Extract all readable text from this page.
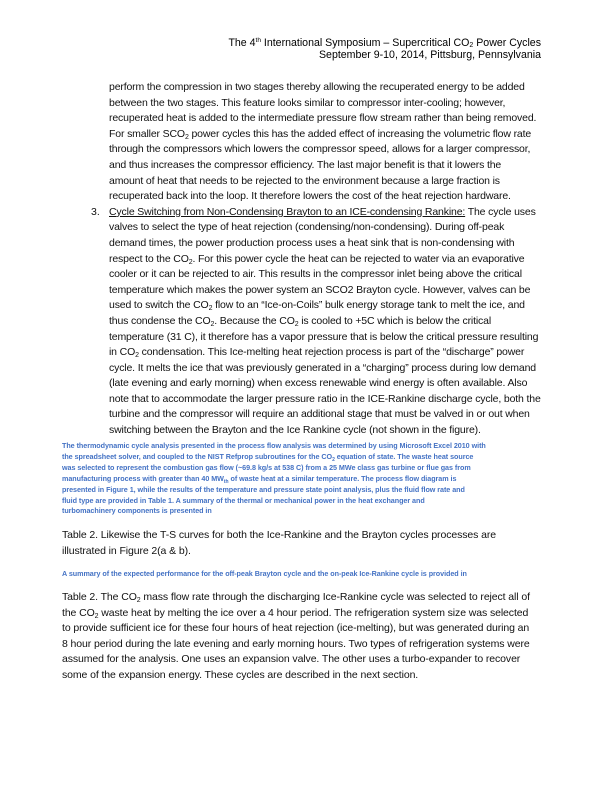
The 4th International Symposium – Supercritical $CO_2$ Power Cycles
September 9-10, 2014, Pittsburg, Pennsylvania

perform the compression in two stages thereby allowing the recuperated energy to be added

between the two stages. This feature looks similar to compressor inter-cooling; however,

recuperated heat is added to the intermediate pressure flow stream rather than being removed.

For smaller $SCO_2$ power cycles this has the added effect of increasing the volumetric flow rate

through the compressors which lowers the compressor speed, allows for a larger compressor,

and thus increases the compressor efficiency. The last major benefit is that it lowers the

amount of heat that needs to be rejected to the environment because a large fraction is

recuperated back into the loop. It therefore lowers the cost of the heat rejection hardware.

3. Cycle Switching from Non-Condensing Brayton to an ICE-condensing Rankine: The cycle uses

valves to select the type of heat rejection (condensing/non-condensing). During off-peak

demand times, the power production process uses a heat sink that is non-condensing with

respect to the $CO_2$. For this power cycle the heat can be rejected to water via an evaporative

cooler or it can be rejected to air. This results in the compressor inlet being above the critical

temperature which makes the power system an SCO2 Brayton cycle. However, valves can be

used to switch the $CO_2$ flow to an “Ice-on-Coils” bulk energy storage tank to melt the ice, and

thus condense the $CO_2$. Because the $CO_2$ is cooled to +5C which is below the critical

temperature (31 C), it therefore has a vapor pressure that is below the critical pressure resulting

in $CO_2$ condensation. This Ice-melting heat rejection process is part of the “discharge” power

cycle. It melts the ice that was previously generated in a “charging” process during low demand

(late evening and early morning) when excess renewable wind energy is often available. Also

note that to accommodate the larger pressure ratio in the ICE-Rankine discharge cycle, both the

turbine and the compressor will require an additional stage that must be valved in or out when

switching between the Brayton and the Ice Rankine cycle (not shown in the figure).

The thermodynamic cycle analysis presented in the process flow analysis was determined by using Microsoft Excel 2010 with

the spreadsheet solver, and coupled to the NIST Refprop subroutines for the $CO_2$ equation of state. The waste heat source

was selected to represent the combustion gas flow (~69.8 kg/s at 538 C) from a 25 MWe class gas turbine or flue gas from

manufacturing process with greater than 40 $MW_{th}$ of waste heat at a similar temperature. The process flow diagram is

presented in Figure 1, while the results of the temperature and pressure state point analysis, plus the fluid flow rate and

fluid type are provided in Table 1. A summary of the thermal or mechanical power in the heat exchanger and

turbomachinery components is presented in

Table 2. Likewise the T-S curves for both the Ice-Rankine and the Brayton cycles processes are

illustrated in Figure 2(a & b).

A summary of the expected performance for the off-peak Brayton cycle and the on-peak Ice-Rankine cycle is provided in

Table 2. The $CO_2$ mass flow rate through the discharging Ice-Rankine cycle was selected to reject all of

the $CO_2$ waste heat by melting the ice over a 4 hour period. The refrigeration system size was selected

to provide sufficient ice for these four hours of heat rejection (ice-melting), but was generated during an

8 hour period during the late evening and early morning hours. Two types of refrigeration systems were

assumed for the analysis. One uses an expansion valve. The other uses a turbo-expander to recover

some of the expansion energy. These cycles are described in the next section.
